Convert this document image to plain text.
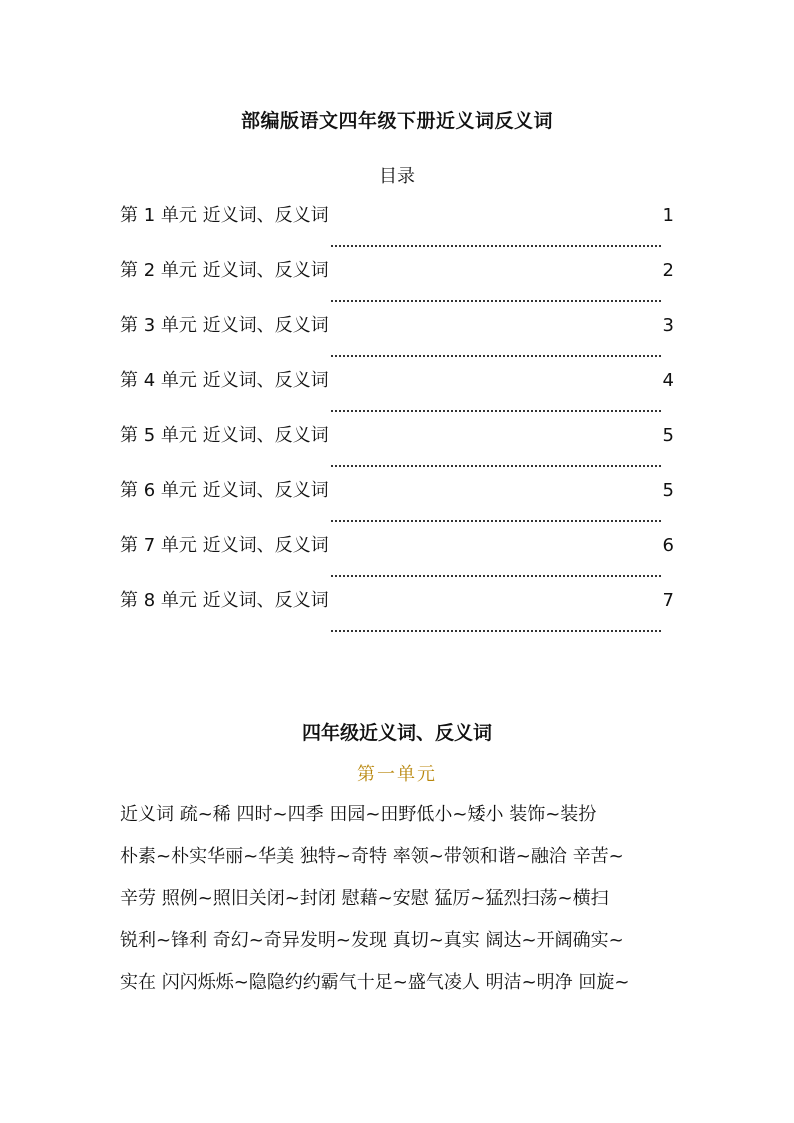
部编版语文四年级下册近义词反义词
目录
第 1 单元 近义词、反义词	1
第 2 单元 近义词、反义词	2
第 3 单元 近义词、反义词	3
第 4 单元 近义词、反义词	4
第 5 单元 近义词、反义词	5
第 6 单元 近义词、反义词	5
第 7 单元 近义词、反义词	6
第 8 单元 近义词、反义词	7
四年级近义词、反义词
第一单元
近义词 疏~稀 四时~四季 田园~田野低小~矮小 装饰~装扮
朴素~朴实华丽~华美 独特~奇特 率领~带领和谐~融洽 辛苦~
辛劳 照例~照旧关闭~封闭 慰藉~安慰 猛厉~猛烈扫荡~横扫
锐利~锋利 奇幻~奇异发明~发现 真切~真实 阔达~开阔确实~
实在 闪闪烁烁~隐隐约约霸气十足~盛气凌人 明洁~明净 回旋~
